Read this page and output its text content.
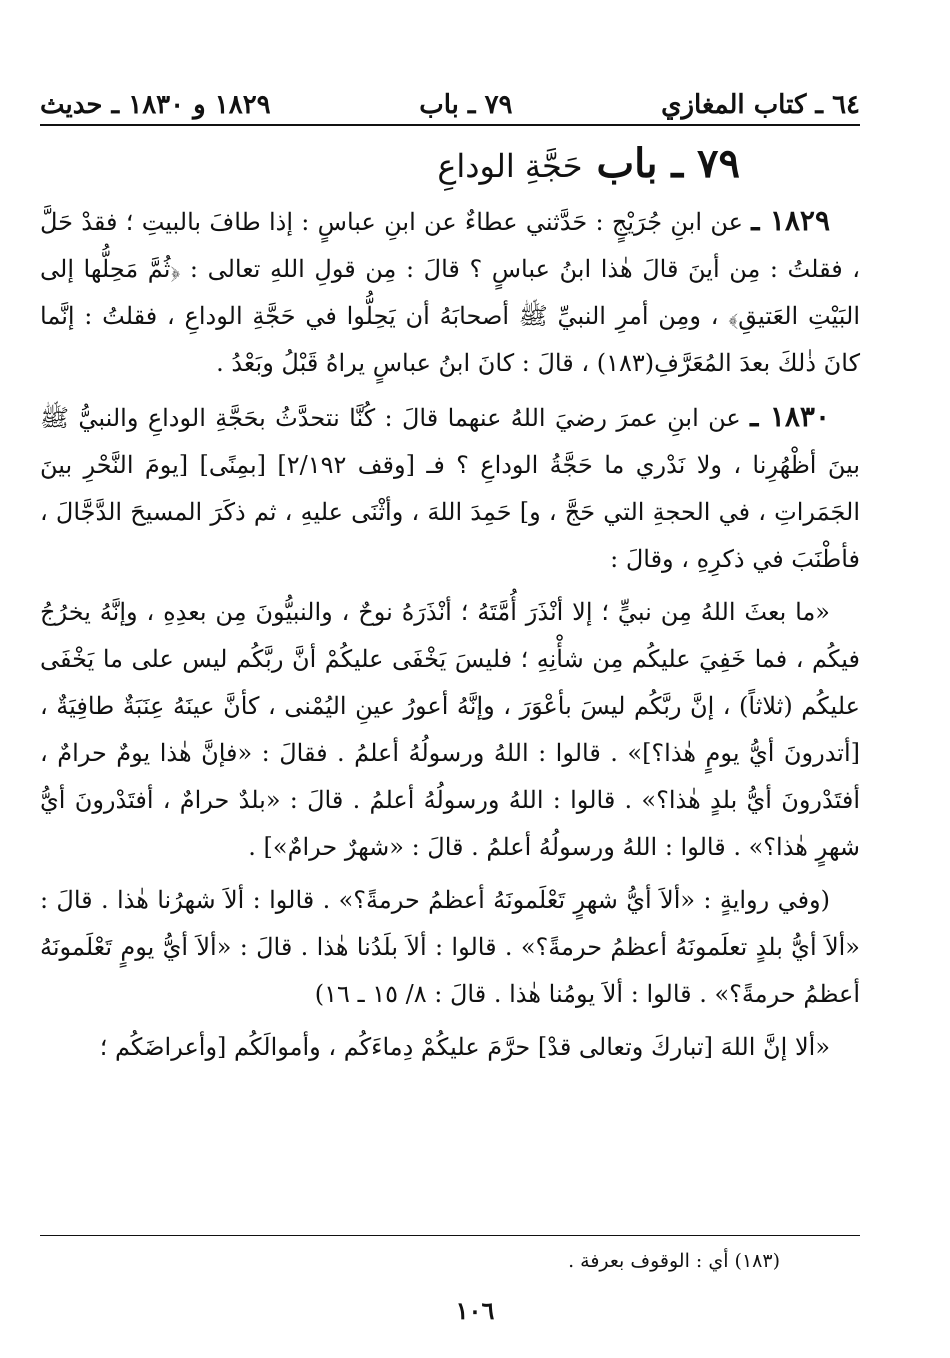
٦٤ ـ كتاب المغازي
٧٩ ـ باب
١٨٢٩ و ١٨٣٠ ـ حديث
٧٩ ـ باب
حَجَّةِ الوداعِ

١٨٢٩ ـ عن ابنِ جُرَيْجٍ : حَدَّثني عطاءٌ عن ابنِ عباسٍ : إذا طافَ بالبيتِ ؛ فقدْ حَلَّ ، فقلتُ : مِن أينَ قالَ هٰذا ابنُ عباسٍ ؟ قالَ : مِن قولِ اللهِ تعالى : ﴿ثُمَّ مَحِلُّها إلى البَيْتِ العَتيقِ﴾ ، ومِن أمرِ النبيِّ ﷺ أصحابَهُ أن يَحِلُّوا في حَجَّةِ الوداعِ ، فقلتُ : إنَّما كانَ ذٰلكَ بعدَ المُعَرَّفِ(١٨٣) ، قالَ : كانَ ابنُ عباسٍ يراهُ قَبْلُ وبَعْدُ .

١٨٣٠ ـ عن ابنِ عمرَ رضيَ اللهُ عنهما قالَ : كُنَّا نتحدَّثُ بحَجَّةِ الوداعِ والنبيُّ ﷺ بينَ أظْهُرِنا ، ولا نَدْري ما حَجَّةُ الوداعِ ؟ فـ [وقف ٢/١٩٢] [بمِنًى] [يومَ النَّحْرِ بينَ الجَمَراتِ ، في الحجةِ التي حَجَّ ، و] حَمِدَ اللهَ ، وأثْنَى عليهِ ، ثم ذكَرَ المسيحَ الدَّجَّالَ ، فأطْنَبَ في ذكرِهِ ، وقالَ :

«ما بعثَ اللهُ مِن نبيٍّ ؛ إلا أنْذَرَ أُمَّتَهُ ؛ أنْذَرَهُ نوحٌ ، والنبيُّونَ مِن بعدِهِ ، وإنَّهُ يخرُجُ فيكُم ، فما خَفِيَ عليكُم مِن شأْنِهِ ؛ فليسَ يَخْفَى عليكُمْ أنَّ ربَّكُم ليس على ما يَخْفَى عليكُم (ثلاثاً) ، إنَّ ربَّكُم ليسَ بأعْوَرَ ، وإنَّهُ أعورُ عينِ اليُمْنى ، كأنَّ عينَهُ عِنَبَةٌ طافِيَةٌ ، [أتدرونَ أيُّ يومٍ هٰذا؟]» . قالوا : اللهُ ورسولُهُ أعلمُ . فقالَ : «فإنَّ هٰذا يومٌ حرامٌ ، أفتَدْرونَ أيُّ بلدٍ هٰذا؟» . قالوا : اللهُ ورسولُهُ أعلمُ . قالَ : «بلدٌ حرامٌ ، أفتَدْرونَ أيُّ شهرٍ هٰذا؟» . قالوا : اللهُ ورسولُهُ أعلمُ . قالَ : «شهرٌ حرامٌ»] .

(وفي روايةٍ : «ألاَ أيُّ شهرٍ تَعْلَمونَهُ أعظمُ حرمةً؟» . قالوا : ألاَ شهرُنا هٰذا . قالَ : «ألاَ أيُّ بلدٍ تعلَمونَهُ أعظمُ حرمةً؟» . قالوا : ألاَ بلَدُنا هٰذا . قالَ : «ألاَ أيُّ يومٍ تَعْلَمونَهُ أعظمُ حرمةً؟» . قالوا : ألاَ يومُنا هٰذا . قالَ : ٨/ ١٥ ـ ١٦)

«ألا إنَّ اللهَ [تباركَ وتعالى قدْ] حرَّمَ عليكُمْ دِماءَكُم ، وأموالَكُم [وأعراضَكُم ؛

(١٨٣) أي : الوقوف بعرفة .
١٠٦
